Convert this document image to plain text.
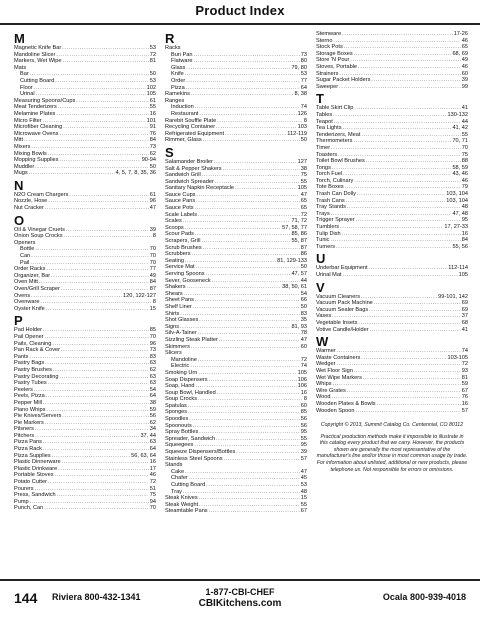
Product Index
M
Magnetic Knife Bar .....	53
Mandoline Slicer .....	72
Markers, Wet Wipe .....	81
Mats
Bar .....	50
Cutting Board .....	53
Floor .....	102
Urinal .....	105
Measuring Spoons/Cups .....	61
Meat Tenderizers .....	55
Melamine Plates .....	16
Micro Filter .....	101
Microfiber Cleaning .....	91
Microwave Ovens .....	76
Mitt .....	84
Mixers .....	73
Mixing Bowls .....	62
Mopping Supplies .....	90-94
Muddler .....	50
Mugs .....	4, 5, 7, 8, 35, 36
N
N2O Cream Chargers .....	61
Nozzle, Hose .....	96
Nut Cracker .....	47
O
Oil & Vinegar Cruets .....	39
Onion Soup Crocks .....	8
Openers
Bottle .....	70
Can .....	70
Pail .....	70
Order Racks .....	77
Organizer, Bar .....	49
Oven Mitt .....	84
Oven/Grill Scraper .....	87
Ovens .....	120, 122-127
Ovenware .....	8
Oyster Knife .....	15
P
Pad Holder .....	85
Pail Opener .....	70
Pails, Cleaning .....	96
Pan Rack & Cover .....	73
Pants .....	83
Pastry Bags .....	63
Pastry Brushes .....	62
Pastry Decorating .....	63
Pastry Tubes .....	63
Peelers .....	54
Peels, Pizza .....	64
Pepper Mill .....	38
Piano Whips .....	59
Pie Knives/Servers .....	56
Pie Markers .....	62
Pilsners .....	34
Pitchers .....	37, 44
Pizza Pans .....	63
Pizza Rack .....	64
Pizza Supplies .....	56, 63, 64
Plastic Dinnerware .....	16
Plastic Drinkware .....	17
Portable Stoves .....	46
Potato Cutter .....	72
Pourers .....	51
Press, Sandwich .....	75
Pump .....	94
Punch, Can .....	70
R
Racks
Bun Pan .....	73
Flatware .....	80
Glass .....	79, 80
Knife .....	53
Order .....	77
Pizza .....	64
Ramekins .....	8, 38
Ranges
Induction .....	74
Restaurant .....	126
Rarebit Souffle Plate .....	8
Recycling Container .....	103
Refrigerated Equipment .....	112-119
Rimmer, Glass .....	50
S
Salamander Broiler .....	127
Salt & Pepper Shakers .....	38
Sandwich Grill .....	75
Sandwich Spreader .....	55
Sanitary Napkin Receptacle .....	105
Sauce Cups .....	47
Sauce Pans .....	65
Sauce Pots .....	65
Scale Labels .....	72
Scales .....	71, 72
Scoops .....	57, 58, 77
Scour Pads .....	85, 86
Scrapers, Grill .....	55, 87
Scrub Brushes .....	87
Scrubbers .....	86
Seating .....	81, 129-133
Service Mat .....	50
Serving Spoons .....	47, 57
Sever, Gooseneck .....	44
Shakers .....	38, 50, 61
Shears .....	54
Sheet Pans .....	66
Shelf Liner .....	50
Shirts .....	83
Shot Glasses .....	35
Signs .....	81, 93
Silv-A-Tainer .....	78
Sizzling Steak Platter .....	47
Skimmers .....	60
Slicers
Mandoline .....	72
Electric .....	74
Smoking Urn .....	105
Soap Dispensers .....	106
Soap, Hand .....	106
Soup Bowl, Handled .....	16
Soup Crocks .....	8
Spatulas .....	60
Sponges .....	85
Spoodles .....	56
Spoonouts .....	56
Spray Bottles .....	95
Spreader, Sandwich .....	55
Squeegees .....	95
Squeeze Dispensers/Bottles .....	39
Stainless Steel Spoons .....	57
Stands
Cake .....	47
Chafer .....	45
Cutting Board .....	53
Tray .....	48
Steak Knives .....	15
Steak Weight .....	55
Steamtable Pans .....	67
Stemware .....	17-26
Sterno .....	46
Stock Pots .....	65
Storage Boxes .....	68, 69
Store 'N Pour .....	49
Stoves, Portable .....	46
Strainers .....	60
Sugar Packet Holders .....	39
Sweeper .....	99
T
Table Skirt Clip .....	41
Tables .....	130-132
Teapot .....	44
Tea Lights .....	41, 42
Tenderizers, Meat .....	55
Thermometers .....	70, 71
Timer .....	70
Toasters .....	75
Toilet Bowl Brushes .....	88
Tongs .....	58, 59
Torch Fuel .....	43, 46
Torch, Culinary .....	46
Tote Boxes .....	79
Trash Can Dolly .....	103, 104
Trash Cans .....	103, 104
Tray Stands .....	48
Trays .....	47, 48
Trigger Sprayer .....	95
Tumblers .....	17, 27-33
Tulip Dish .....	16
Tunic .....	84
Turners .....	55, 56
U
Underbar Equipment .....	112-114
Urinal Mat .....	105
V
Vacuum Cleaners .....	99-101, 142
Vacuum Pack Machine .....	69
Vacuum Sealer Bags .....	69
Vases .....	37
Vegetable Insets .....	68
Votive Candle/Holder .....	41
W
Warmer .....	74
Waste Containers .....	103-105
Wedger .....	72
Wet Floor Sign .....	93
Wet Wipe Markers .....	81
Whips .....	59
Wire Grates .....	67
Wood .....	76
Wooden Plates & Bowls .....	16
Wooden Spoon .....	57

Copyright © 2013, Summit Catalog Co. Centennial, CO 80112

Practical production methods make it impossible to illustrate in this catalog every product that we carry. However, the products shown are generally the most representative of the manufacturer's line and/or those in most common usage by trade. For information about unlisted, additional or new products, please telephone us. Not responsible for errors or omissions.

144 Riviera 800-432-1341	1-877-CBI-CHEF
CBIKitchens.com
Ocala 800-939-4018
